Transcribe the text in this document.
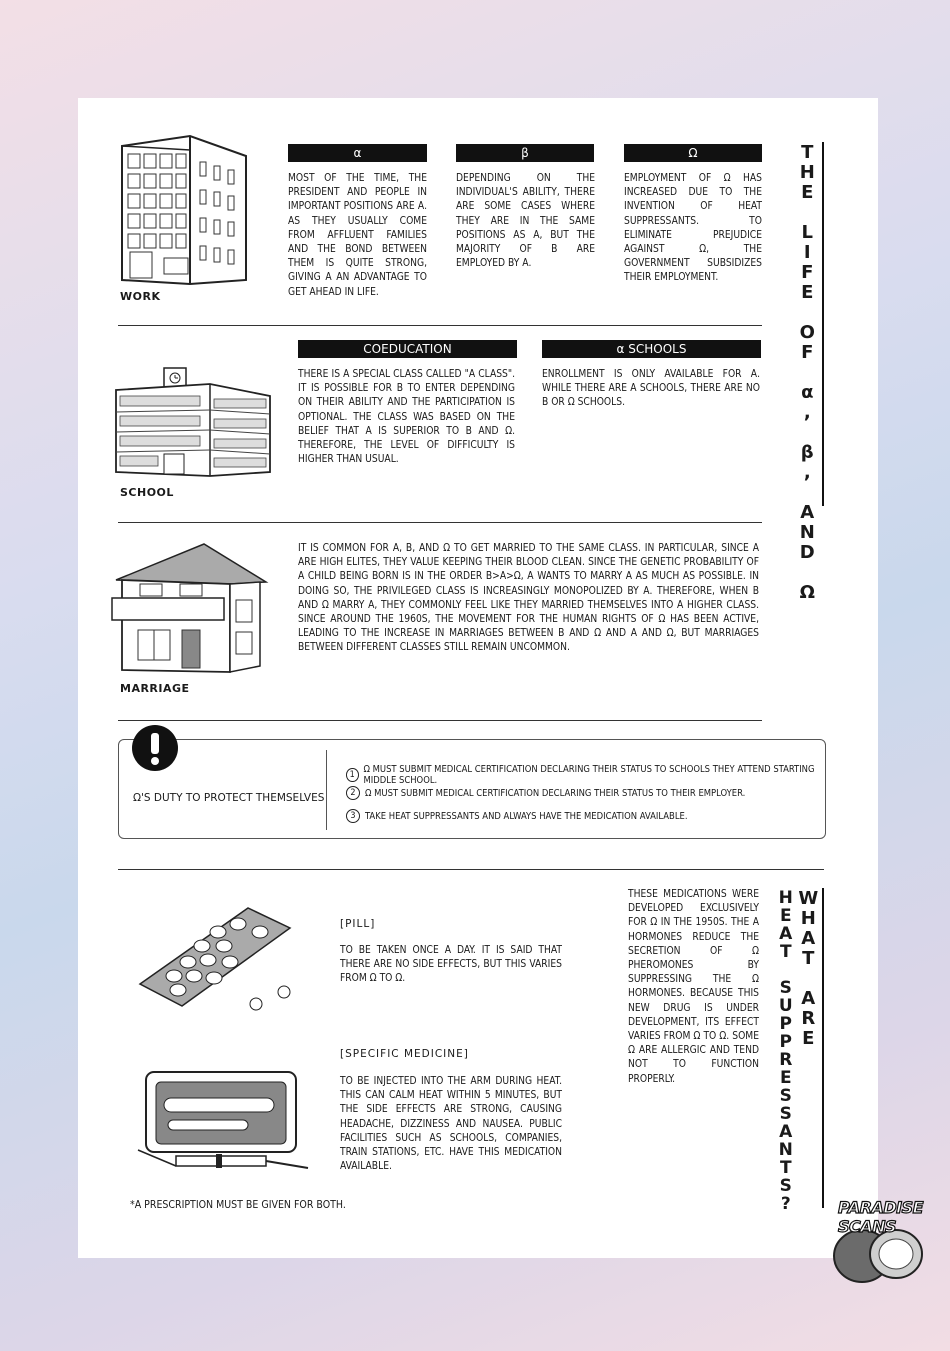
WORK
α
MOST OF THE TIME, THE PRESIDENT AND PEOPLE IN IMPORTANT POSITIONS ARE Α. AS THEY USUALLY COME FROM AFFLUENT FAMILIES AND THE BOND BETWEEN THEM IS QUITE STRONG, GIVING Α AN ADVANTAGE TO GET AHEAD IN LIFE.
β
DEPENDING ON THE INDIVIDUAL'S ABILITY, THERE ARE SOME CASES WHERE THEY ARE IN THE SAME POSITIONS AS Α, BUT THE MAJORITY OF Β ARE EMPLOYED BY Α.
Ω
EMPLOYMENT OF Ω HAS INCREASED DUE TO THE INVENTION OF HEAT SUPPRESSANTS. TO ELIMINATE PREJUDICE AGAINST Ω, THE GOVERNMENT SUBSIDIZES THEIR EMPLOYMENT.
SCHOOL
COEDUCATION
THERE IS A SPECIAL CLASS CALLED "Α CLASS". IT IS POSSIBLE FOR Β TO ENTER DEPENDING ON THEIR ABILITY AND THE PARTICIPATION IS OPTIONAL. THE CLASS WAS BASED ON THE BELIEF THAT Α IS SUPERIOR TO Β AND Ω. THEREFORE, THE LEVEL OF DIFFICULTY IS HIGHER THAN USUAL.
α SCHOOLS
ENROLLMENT IS ONLY AVAILABLE FOR Α. WHILE THERE ARE Α SCHOOLS, THERE ARE NO Β OR Ω SCHOOLS.
MARRIAGE
IT IS COMMON FOR Α, Β, AND Ω TO GET MARRIED TO THE SAME CLASS. IN PARTICULAR, SINCE Α ARE HIGH ELITES, THEY VALUE KEEPING THEIR BLOOD CLEAN. SINCE THE GENETIC PROBABILITY OF A CHILD BEING BORN IS IN THE ORDER Β>Α>Ω, Α WANTS TO MARRY Α AS MUCH AS POSSIBLE. IN DOING SO, THE PRIVILEGED CLASS IS INCREASINGLY MONOPOLIZED BY Α. THEREFORE, WHEN Β AND Ω MARRY Α, THEY COMMONLY FEEL LIKE THEY MARRIED THEMSELVES INTO A HIGHER CLASS. SINCE AROUND THE 1960S, THE MOVEMENT FOR THE HUMAN RIGHTS OF Ω HAS BEEN ACTIVE, LEADING TO THE INCREASE IN MARRIAGES BETWEEN Β AND Ω AND Α AND Ω, BUT MARRIAGES BETWEEN DIFFERENT CLASSES STILL REMAIN UNCOMMON.
THE LIFE OF α, β, AND Ω
Ω'S DUTY TO PROTECT THEMSELVES
1 Ω MUST SUBMIT MEDICAL CERTIFICATION DECLARING THEIR STATUS TO SCHOOLS THEY ATTEND STARTING MIDDLE SCHOOL.
2	Ω MUST SUBMIT MEDICAL CERTIFICATION DECLARING THEIR STATUS TO THEIR EMPLOYER.
3	TAKE HEAT SUPPRESSANTS AND ALWAYS HAVE THE MEDICATION AVAILABLE.
[PILL]
TO BE TAKEN ONCE A DAY. IT IS SAID THAT THERE ARE NO SIDE EFFECTS, BUT THIS VARIES FROM Ω TO Ω.
[SPECIFIC MEDICINE]
TO BE INJECTED INTO THE ARM DURING HEAT. THIS CAN CALM HEAT WITHIN 5 MINUTES, BUT THE SIDE EFFECTS ARE STRONG, CAUSING HEADACHE, DIZZINESS AND NAUSEA. PUBLIC FACILITIES SUCH AS SCHOOLS, COMPANIES, TRAIN STATIONS, ETC. HAVE THIS MEDICATION AVAILABLE.
THESE MEDICATIONS WERE DEVELOPED EXCLUSIVELY FOR Ω IN THE 1950S. THE Α HORMONES REDUCE THE SECRETION OF Ω PHEROMONES BY SUPPRESSING THE Ω HORMONES. BECAUSE THIS NEW DRUG IS UNDER DEVELOPMENT, ITS EFFECT VARIES FROM Ω TO Ω. SOME Ω ARE ALLERGIC AND TEND NOT TO FUNCTION PROPERLY.
*A PRESCRIPTION MUST BE GIVEN FOR BOTH.
WHAT ARE
HEAT SUPPRESSANTS?	PARADISE SCANS
